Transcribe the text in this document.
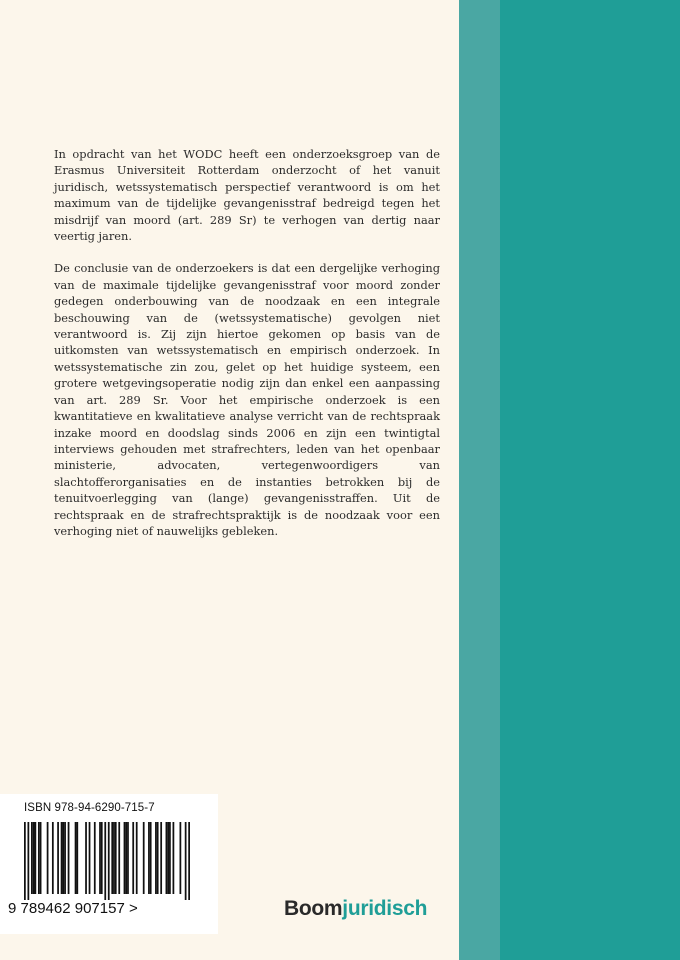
In opdracht van het WODC heeft een onderzoeksgroep van de Erasmus Universiteit Rotterdam onderzocht of het vanuit juridisch, wetssystematisch perspectief verantwoord is om het maximum van de tijdelijke gevangenisstraf bedreigd tegen het misdrijf van moord (art. 289 Sr) te verhogen van dertig naar veertig jaren.

De conclusie van de onderzoekers is dat een dergelijke verhoging van de maximale tijdelijke gevangenisstraf voor moord zonder gedegen onderbouwing van de noodzaak en een integrale beschouwing van de (wetssystematische) gevolgen niet verantwoord is. Zij zijn hiertoe gekomen op basis van de uitkomsten van wetssystematisch en empirisch onderzoek. In wetssystematische zin zou, gelet op het huidige systeem, een grotere wetgevingsoperatie nodig zijn dan enkel een aanpassing van art. 289 Sr. Voor het empirische onderzoek is een kwantitatieve en kwalitatieve analyse verricht van de rechtspraak inzake moord en doodslag sinds 2006 en zijn een twintigtal interviews gehouden met strafrechters, leden van het openbaar ministerie, advocaten, vertegenwoordigers van slachtofferorganisaties en de instanties betrokken bij de tenuitvoerlegging van (lange) gevangenisstraffen. Uit de rechtspraak en de strafrechtspraktijk is de noodzaak voor een verhoging niet of nauwelijks gebleken.

ISBN 978-94-6290-715-7
9 789462 907157 >	Boomjuridisch
